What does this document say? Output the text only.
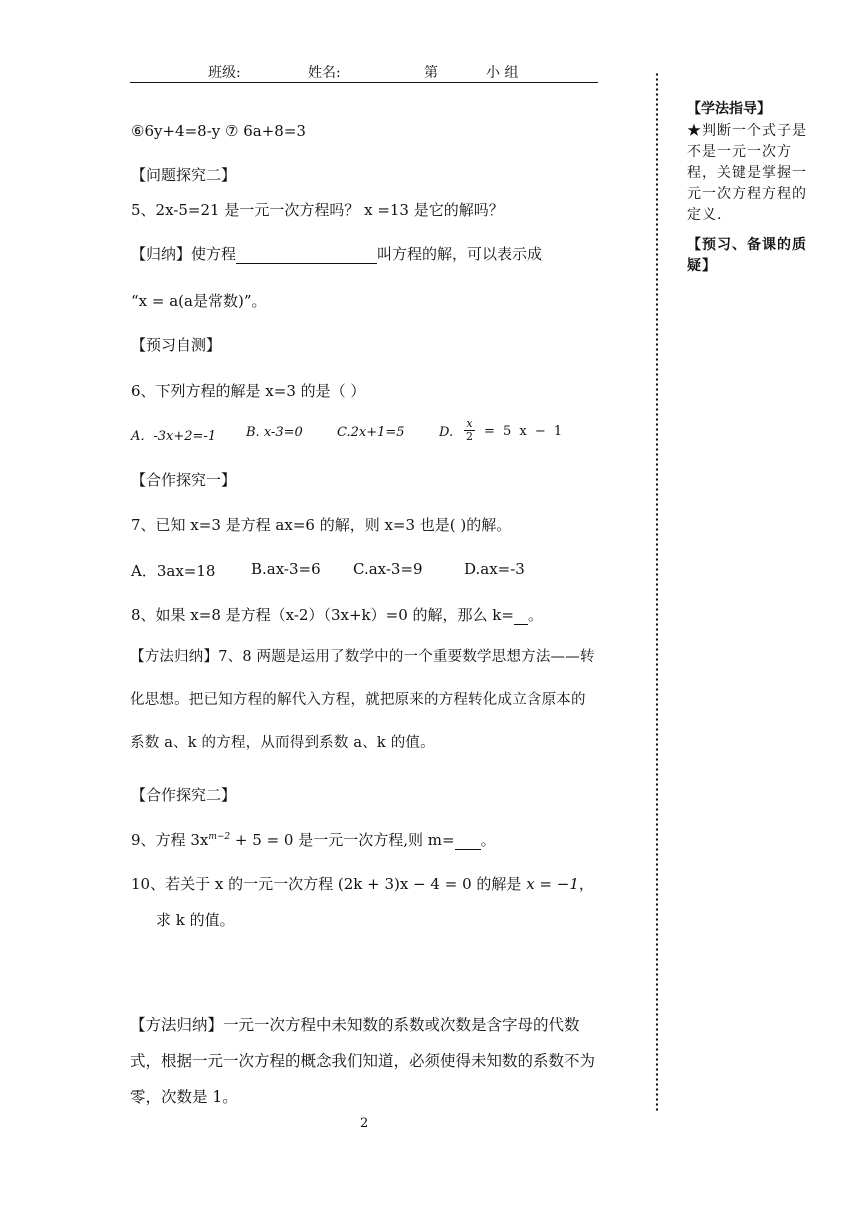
班级:	姓名:	第	小 组
【学法指导】
★判断一个式子是不是一元一次方程，关键是掌握一元一次方程方程的定义.
【预习、备课的质疑】
⑥6y+4=8-y ⑦ 6a+8=3
【问题探究二】
5、2x-5=21 是一元一次方程吗？ x =13 是它的解吗？
【归纳】使方程	叫方程的解，可以表示成
“x = a(a是常数)”。
【预习自测】
6、下列方程的解是 x=3 的是（ ）
A．-3x+2=-1 B. x-3=0	C.2x+1=5	D. $\frac{x}{2} = 5$ x − 1
【合作探究一】
7、已知 x=3 是方程 ax=6 的解，则 x=3 也是( )的解。
A．3ax=18 B.ax-3=6 C.ax-3=9	D.ax=-3
8、如果 x=8 是方程（x-2）（3x+k）=0 的解，那么 k= 。
【方法归纳】7、8 两题是运用了数学中的一个重要数学思想方法——转化思想。把已知方程的解代入方程，就把原来的方程转化成立含原本的系数 a、k 的方程，从而得到系数 a、k 的值。
【合作探究二】
9、方程 $3x^{m-2} + 5 = 0$ 是一元一次方程,则 m= 。
10、若关于 x 的一元一次方程 (2k + 3)x − 4 = 0 的解是 x = −1，
求 k 的值。
【方法归纳】一元一次方程中未知数的系数或次数是含字母的代数式，根据一元一次方程的概念我们知道，必须使得未知数的系数不为零，次数是 1。
2
